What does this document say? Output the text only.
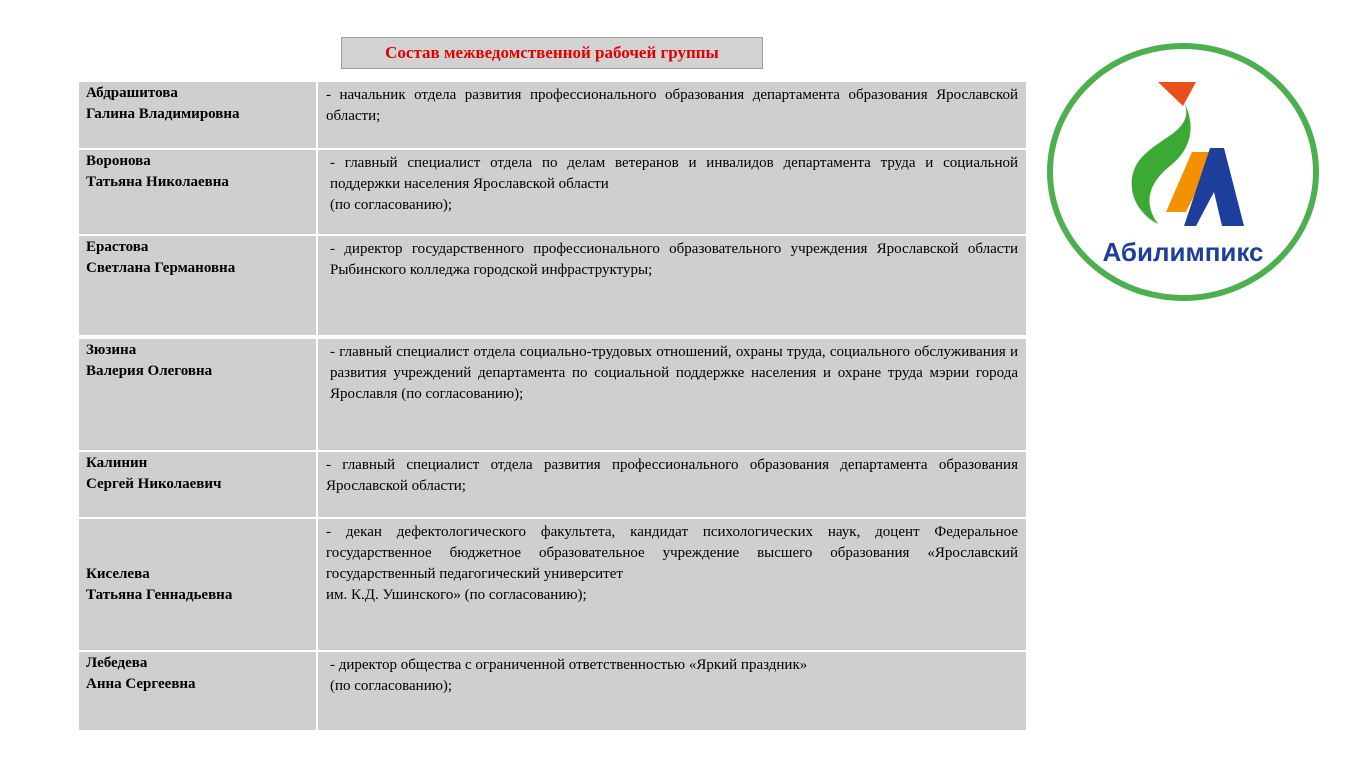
Состав межведомственной рабочей группы
Абдрашитова
Галина Владимировна
- начальник отдела развития профессионального образования департамента образования Ярославской области;
Воронова
Татьяна Николаевна
- главный специалист отдела по делам ветеранов и инвалидов департамента труда и социальной поддержки населения Ярославской области
(по согласованию);
Ерастова
Светлана Германовна
- директор государственного профессионального образовательного учреждения Ярославской области Рыбинского колледжа городской инфраструктуры;
Зюзина
Валерия Олеговна
- главный специалист отдела социально-трудовых отношений, охраны труда, социального обслуживания и развития учреждений департамента по социальной поддержке населения и охране труда мэрии города Ярославля (по согласованию);
Калинин
Сергей Николаевич
- главный специалист отдела развития профессионального образования департамента образования Ярославской области;
Киселева
Татьяна Геннадьевна
- декан дефектологического факультета, кандидат психологических наук, доцент Федеральное государственное бюджетное образовательное учреждение высшего образования «Ярославский государственный педагогический университет
им. К.Д. Ушинского» (по согласованию);
Лебедева
Анна Сергеевна
- директор общества с ограниченной ответственностью «Яркий праздник»
(по согласованию);
Абилимпикс
